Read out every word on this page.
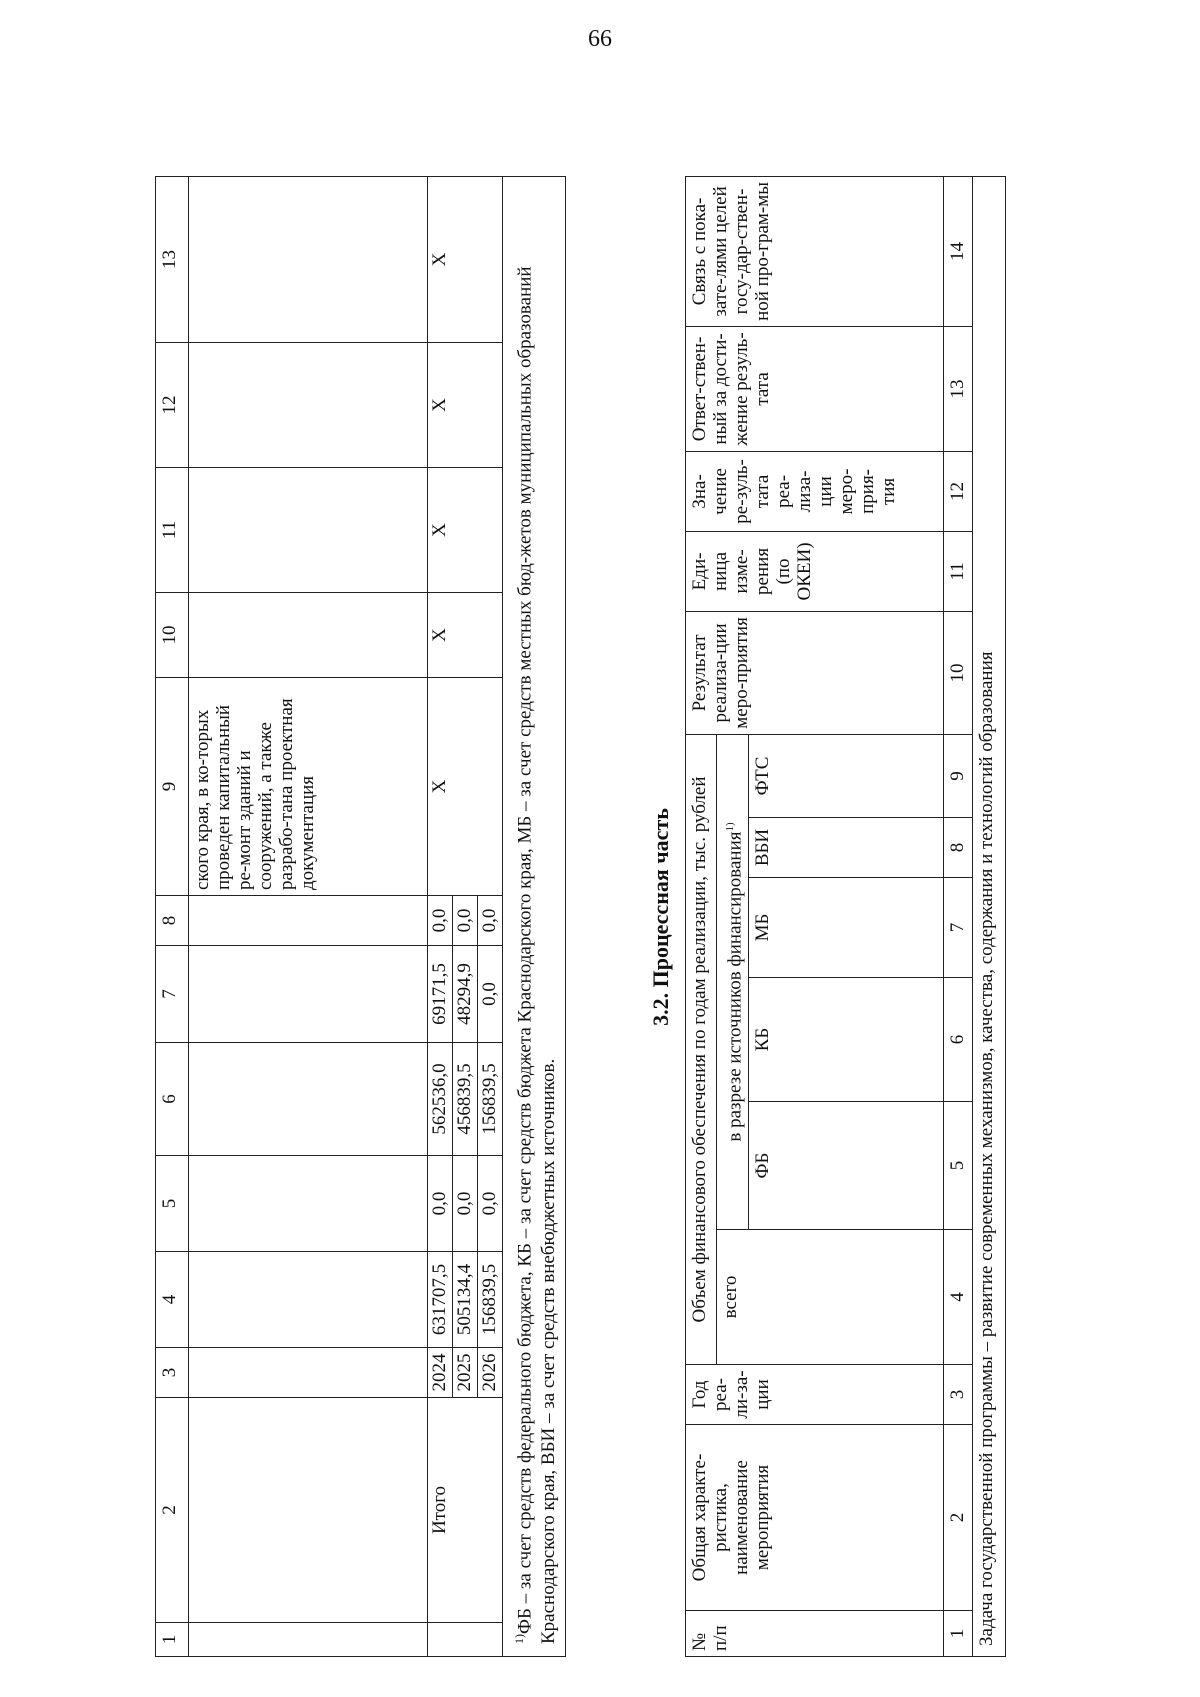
66
1	2	3	4	5	6	7	8	9	10	11	12	13
								ского края, в ко-торых проведен капитальный ре-монт зданий и сооружений, а также разрабо-тана проектная документация				
	Итого	2024	631707,5	0,0	562536,0	69171,5	0,0	X	X	X	X	X
		2025	505134,4	0,0	456839,5	48294,9	0,0					
		2026	156839,5	0,0	156839,5	0,0	0,0					
$^{1)}$ФБ – за счет средств федерального бюджета, КБ – за счет средств бюджета Краснодарского края, МБ – за счет средств местных бюд-жетов муниципальных образований Краснодарского края, ВБИ – за счет средств внебюджетных источников.												
3.2. Процессная часть
№ п/п	Общая характе-ристика, наименование мероприятия	Год реа-ли-за-ции	Объем финансового обеспечения по годам реализации, тыс. рублей						Результат реализа-ции меро-приятия	Еди-ница изме-рения (по ОКЕИ)	Зна-чение ре-зуль-тата реа-лиза-ции меро-прия-тия	Ответ-ствен-ный за дости-жение резуль-тата	Связь с пока-зате-лями целей госу-дар-ствен-ной про-грам-мы
			всего	в разрезе источников финансирования$^{1)}$
				ФБ	КБ	МБ	ВБИ	ФТС					
1	2	3	4	5	6	7	8	9	10	11	12	13	14
Задача государственной программы – развитие современных механизмов, качества, содержания и технологий образования													
